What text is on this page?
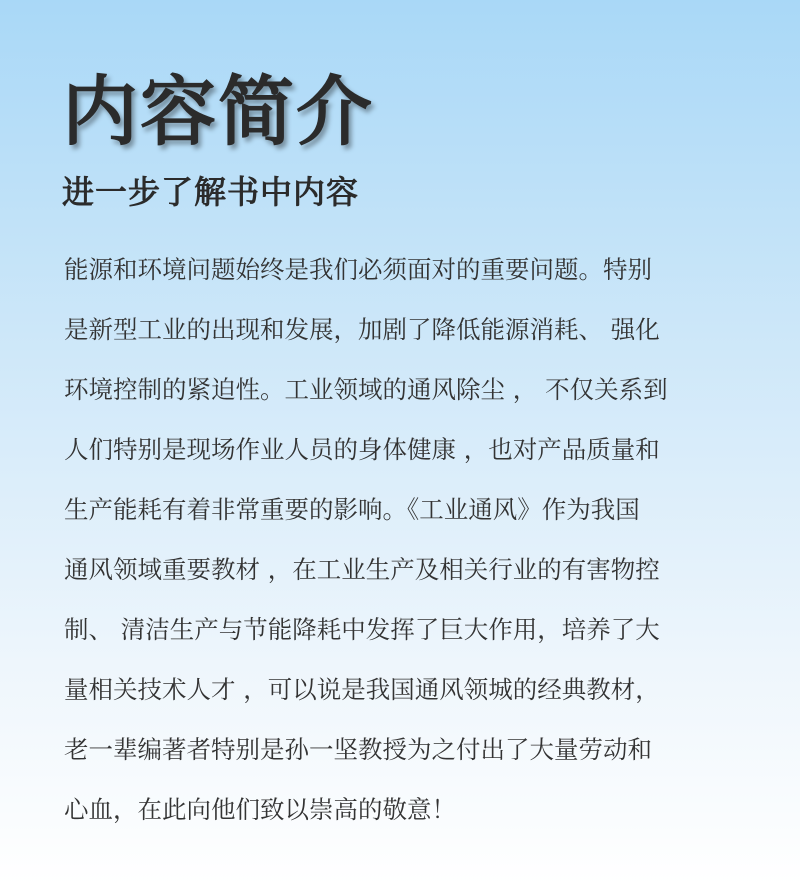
内容简介
进一步了解书中内容
能源和环境问题始终是我们必须面对的重要问题。特别
是新型工业的出现和发展，加剧了降低能源消耗、 强化
环境控制的紧迫性。工业领域的通风除尘 ， 不仅关系到
人们特别是现场作业人员的身体健康 ，也对产品质量和
生产能耗有着非常重要的影响。《工业通风》作为我国
通风领域重要教材 ，在工业生产及相关行业的有害物控
制、 清洁生产与节能降耗中发挥了巨大作用，培养了大
量相关技术人才 ，可以说是我国通风领城的经典教材，
老一辈编著者特别是孙一坚教授为之付出了大量劳动和
心血，在此向他们致以崇高的敬意！
